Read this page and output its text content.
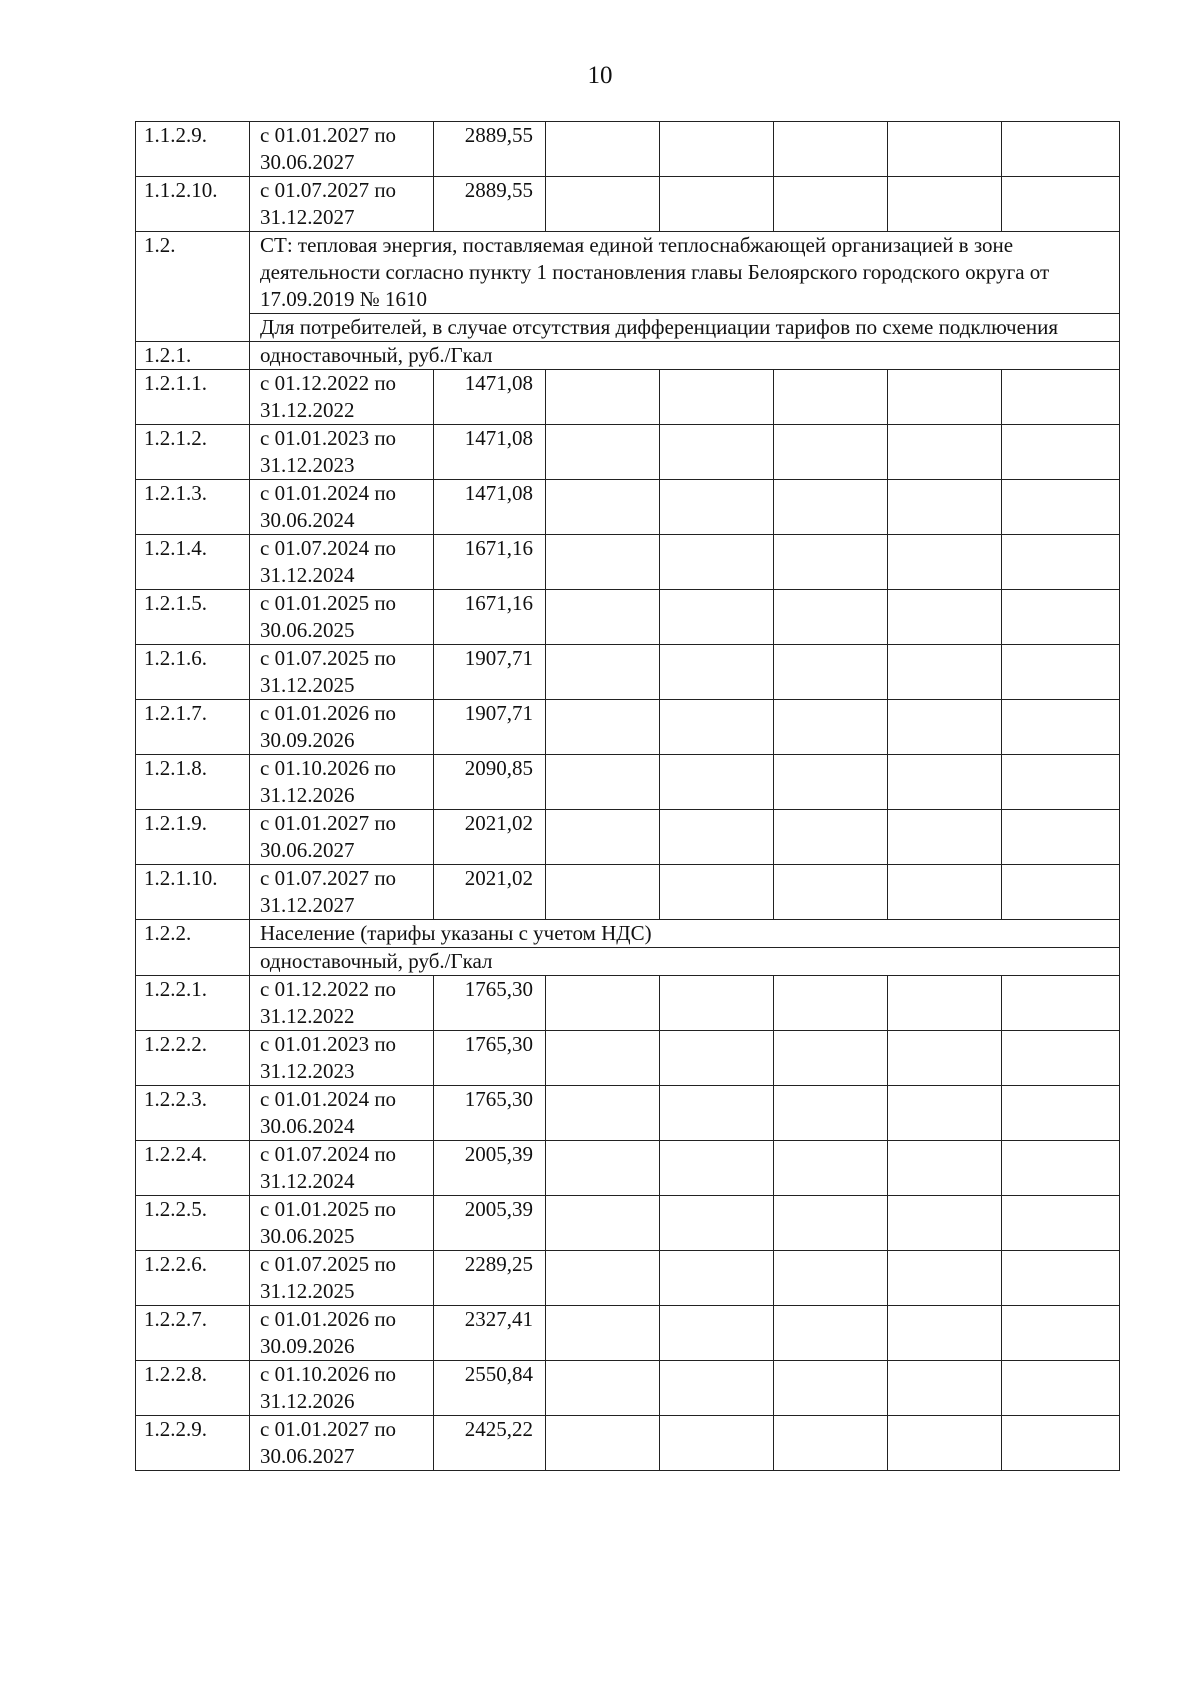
10
1.1.2.9.	с 01.01.2027 по 30.06.2027	2889,55					
1.1.2.10.	с 01.07.2027 по 31.12.2027	2889,55					
1.2.	СТ: тепловая энергия, поставляемая единой теплоснабжающей организацией в зоне деятельности согласно пункту 1 постановления главы Белоярского городского округа от 17.09.2019 № 1610						
	Для потребителей, в случае отсутствия дифференциации тарифов по схеме подключения						
1.2.1.	одноставочный, руб./Гкал						
1.2.1.1.	с 01.12.2022 по 31.12.2022	1471,08					
1.2.1.2.	с 01.01.2023 по 31.12.2023	1471,08					
1.2.1.3.	с 01.01.2024 по 30.06.2024	1471,08					
1.2.1.4.	с 01.07.2024 по 31.12.2024	1671,16					
1.2.1.5.	с 01.01.2025 по 30.06.2025	1671,16					
1.2.1.6.	с 01.07.2025 по 31.12.2025	1907,71					
1.2.1.7.	с 01.01.2026 по 30.09.2026	1907,71					
1.2.1.8.	с 01.10.2026 по 31.12.2026	2090,85					
1.2.1.9.	с 01.01.2027 по 30.06.2027	2021,02					
1.2.1.10.	с 01.07.2027 по 31.12.2027	2021,02					
1.2.2.	Население (тарифы указаны с учетом НДС)						
	одноставочный, руб./Гкал						
1.2.2.1.	с 01.12.2022 по 31.12.2022	1765,30					
1.2.2.2.	с 01.01.2023 по 31.12.2023	1765,30					
1.2.2.3.	с 01.01.2024 по 30.06.2024	1765,30					
1.2.2.4.	с 01.07.2024 по 31.12.2024	2005,39					
1.2.2.5.	с 01.01.2025 по 30.06.2025	2005,39					
1.2.2.6.	с 01.07.2025 по 31.12.2025	2289,25					
1.2.2.7.	с 01.01.2026 по 30.09.2026	2327,41					
1.2.2.8.	с 01.10.2026 по 31.12.2026	2550,84					
1.2.2.9.	с 01.01.2027 по 30.06.2027	2425,22					
